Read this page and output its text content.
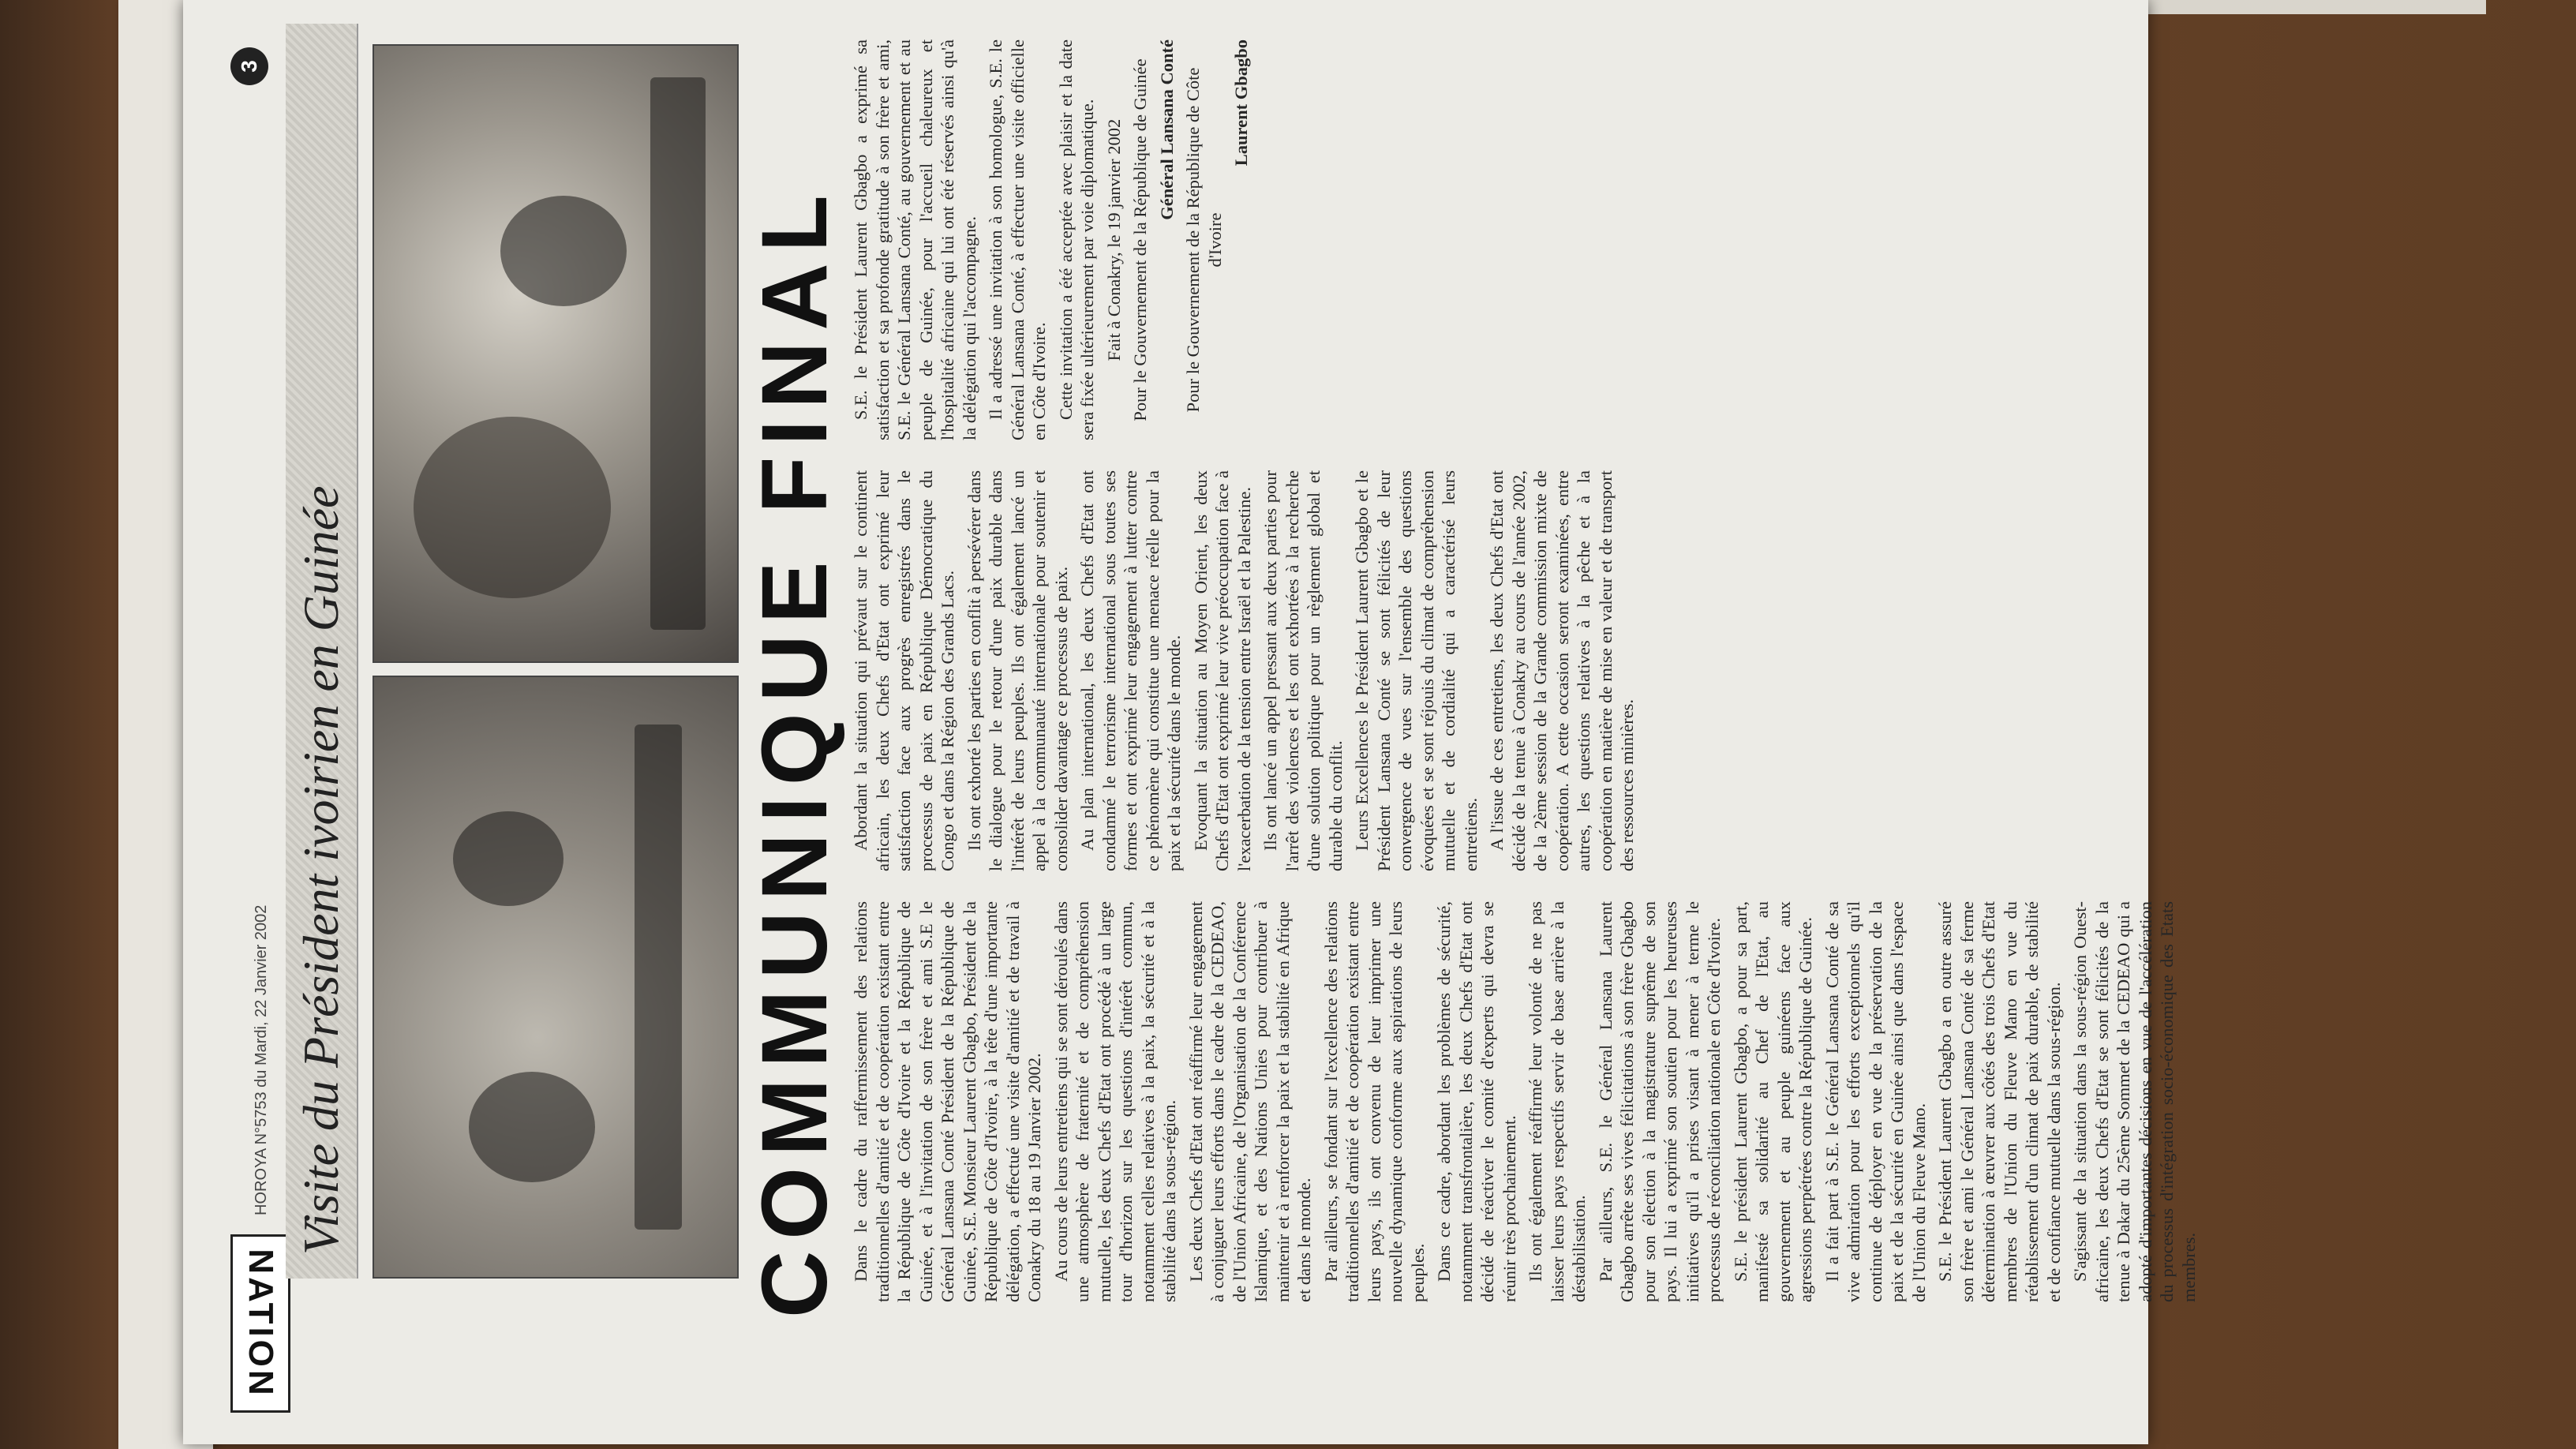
NATION
HOROYA N°5753 du Mardi, 22 Janvier 2002
3
Visite du Président ivoirien en Guinée	COMMUNIQUE FINAL Dans le cadre du raffermissement des relations traditionnelles d'amitié et de coopération existant entre la République de Côte d'Ivoire et la République de Guinée, et à l'invitation de son frère et ami S.E le Général Lansana Conté Président de la République de Guinée, S.E. Monsieur Laurent Gbagbo, Président de la République de Côte d'Ivoire, à la tête d'une importante délégation, a effectué une visite d'amitié et de travail à Conakry du 18 au 19 Janvier 2002. Au cours de leurs entretiens qui se sont déroulés dans une atmosphère de fraternité et de compréhension mutuelle, les deux Chefs d'Etat ont procédé à un large tour d'horizon sur les questions d'intérêt commun, notamment celles relatives à la paix, la sécurité et à la stabilité dans la sous-région. Les deux Chefs d'Etat ont réaffirmé leur engagement à conjuguer leurs efforts dans le cadre de la CEDEAO, de l'Union Africaine, de l'Organisation de la Conférence Islamique, et des Nations Unies pour contribuer à maintenir et à renforcer la paix et la stabilité en Afrique et dans le monde. Par ailleurs, se fondant sur l'excellence des relations traditionnelles d'amitié et de coopération existant entre leurs pays, ils ont convenu de leur imprimer une nouvelle dynamique conforme aux aspirations de leurs peuples. Dans ce cadre, abordant les problèmes de sécurité, notamment transfrontalière, les deux Chefs d'Etat ont décidé de réactiver le comité d'experts qui devra se réunir très prochainement. Ils ont également réaffirmé leur volonté de ne pas laisser leurs pays respectifs servir de base arrière à la déstabilisation. Par ailleurs, S.E. le Général Lansana Laurent Gbagbo arrête ses vives félicitations à son frère Gbagbo pour son élection à la magistrature suprême de son pays. Il lui a exprimé son soutien pour les heureuses initiatives qu'il a prises visant à mener à terme le processus de réconciliation nationale en Côte d'Ivoire. S.E. le président Laurent Gbagbo, a pour sa part, manifesté sa solidarité au Chef de l'Etat, au gouvernement et au peuple guinéens face aux agressions perpétrées contre la République de Guinée. Il a fait part à S.E. le Général Lansana Conté de sa vive admiration pour les efforts exceptionnels qu'il continue de déployer en vue de la préservation de la paix et de la sécurité en Guinée ainsi que dans l'espace de l'Union du Fleuve Mano. S.E. le Président Laurent Gbagbo a en outre assuré son frère et ami le Général Lansana Conté de sa ferme détermination à œuvrer aux côtés des trois Chefs d'Etat membres de l'Union du Fleuve Mano en vue du rétablissement d'un climat de paix durable, de stabilité et de confiance mutuelle dans la sous-région. S'agissant de la situation dans la sous-région Ouest-africaine, les deux Chefs d'Etat se sont félicités de la tenue à Dakar du 25ème Sommet de la CEDEAO qui a adopté d'importantes décisions en vue de l'accélération du processus d'intégration socio-économique des Etats membres.

Abordant la situation qui prévaut sur le continent africain, les deux Chefs d'Etat ont exprimé leur satisfaction face aux progrès enregistrés dans le processus de paix en République Démocratique du Congo et dans la Région des Grands Lacs. Ils ont exhorté les parties en conflit à persévérer dans le dialogue pour le retour d'une paix durable dans l'intérêt de leurs peuples. Ils ont également lancé un appel à la communauté internationale pour soutenir et consolider davantage ce processus de paix. Au plan international, les deux Chefs d'Etat ont condamné le terrorisme international sous toutes ses formes et ont exprimé leur engagement à lutter contre ce phénomène qui constitue une menace réelle pour la paix et la sécurité dans le monde. Evoquant la situation au Moyen Orient, les deux Chefs d'Etat ont exprimé leur vive préoccupation face à l'exacerbation de la tension entre Israël et la Palestine. Ils ont lancé un appel pressant aux deux parties pour l'arrêt des violences et les ont exhortées à la recherche d'une solution politique pour un règlement global et durable du conflit. Leurs Excellences le Président Laurent Gbagbo et le Président Lansana Conté se sont félicités de leur convergence de vues sur l'ensemble des questions évoquées et se sont réjouis du climat de compréhension mutuelle et de cordialité qui a caractérisé leurs entretiens. A l'issue de ces entretiens, les deux Chefs d'Etat ont décidé de la tenue à Conakry au cours de l'année 2002, de la 2ème session de la Grande commission mixte de coopération. A cette occasion seront examinées, entre autres, les questions relatives à la pêche et à la coopération en matière de mise en valeur et de transport des ressources minières.

S.E. le Président Laurent Gbagbo a exprimé sa satisfaction et sa profonde gratitude à son frère et ami, S.E. le Général Lansana Conté, au gouvernement et au peuple de Guinée, pour l'accueil chaleureux et l'hospitalité africaine qui lui ont été réservés ainsi qu'à la délégation qui l'accompagne. Il a adressé une invitation à son homologue, S.E. le Général Lansana Conté, à effectuer une visite officielle en Côte d'Ivoire. Cette invitation a été acceptée avec plaisir et la date sera fixée ultérieurement par voie diplomatique. Fait à Conakry, le 19 janvier 2002 Pour le Gouvernement de la République de Guinée Général Lansana Conté Pour le Gouvernement de la République de Côte d'Ivoire

Laurent Gbagbo
